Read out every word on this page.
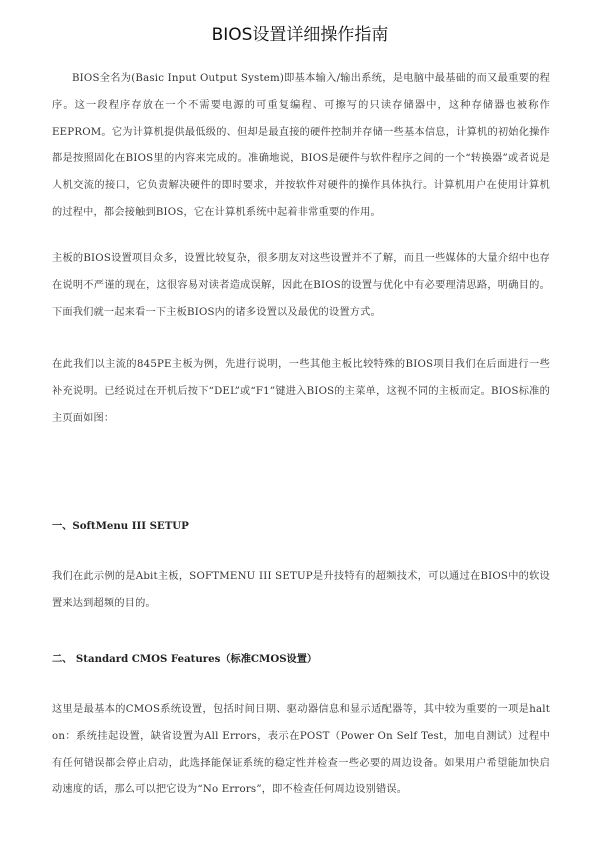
BIOS设置详细操作指南

BIOS全名为(Basic Input Output System)即基本输入/输出系统，是电脑中最基础的而又最重要的程序。这一段程序存放在一个不需要电源的可重复编程、可擦写的只读存储器中，这种存储器也被称作EEPROM。它为计算机提供最低级的、但却是最直接的硬件控制并存储一些基本信息，计算机的初始化操作都是按照固化在BIOS里的内容来完成的。准确地说，BIOS是硬件与软件程序之间的一个“转换器”或者说是人机交流的接口，它负责解决硬件的即时要求，并按软件对硬件的操作具体执行。计算机用户在使用计算机的过程中，都会接触到BIOS，它在计算机系统中起着非常重要的作用。

主板的BIOS设置项目众多，设置比较复杂，很多朋友对这些设置并不了解，而且一些媒体的大量介绍中也存在说明不严谨的现在，这很容易对读者造成误解，因此在BIOS的设置与优化中有必要理清思路，明确目的。下面我们就一起来看一下主板BIOS内的诸多设置以及最优的设置方式。

在此我们以主流的845PE主板为例，先进行说明，一些其他主板比较特殊的BIOS项目我们在后面进行一些补充说明。已经说过在开机后按下“DEL”或“F1”键进入BIOS的主菜单，这视不同的主板而定。BIOS标准的主页面如图：

一、SoftMenu III SETUP

我们在此示例的是Abit主板，SOFTMENU III SETUP是升技特有的超频技术，可以通过在BIOS中的软设置来达到超频的目的。

二、 Standard CMOS Features（标准CMOS设置）

这里是最基本的CMOS系统设置，包括时间日期、驱动器信息和显示适配器等，其中较为重要的一项是halt on：系统挂起设置，缺省设置为All Errors，表示在POST（Power On Self Test，加电自测试）过程中有任何错误都会停止启动，此选择能保证系统的稳定性并检查一些必要的周边设备。如果用户希望能加快启动速度的话，那么可以把它设为“No Errors”，即不检查任何周边设别错误。
